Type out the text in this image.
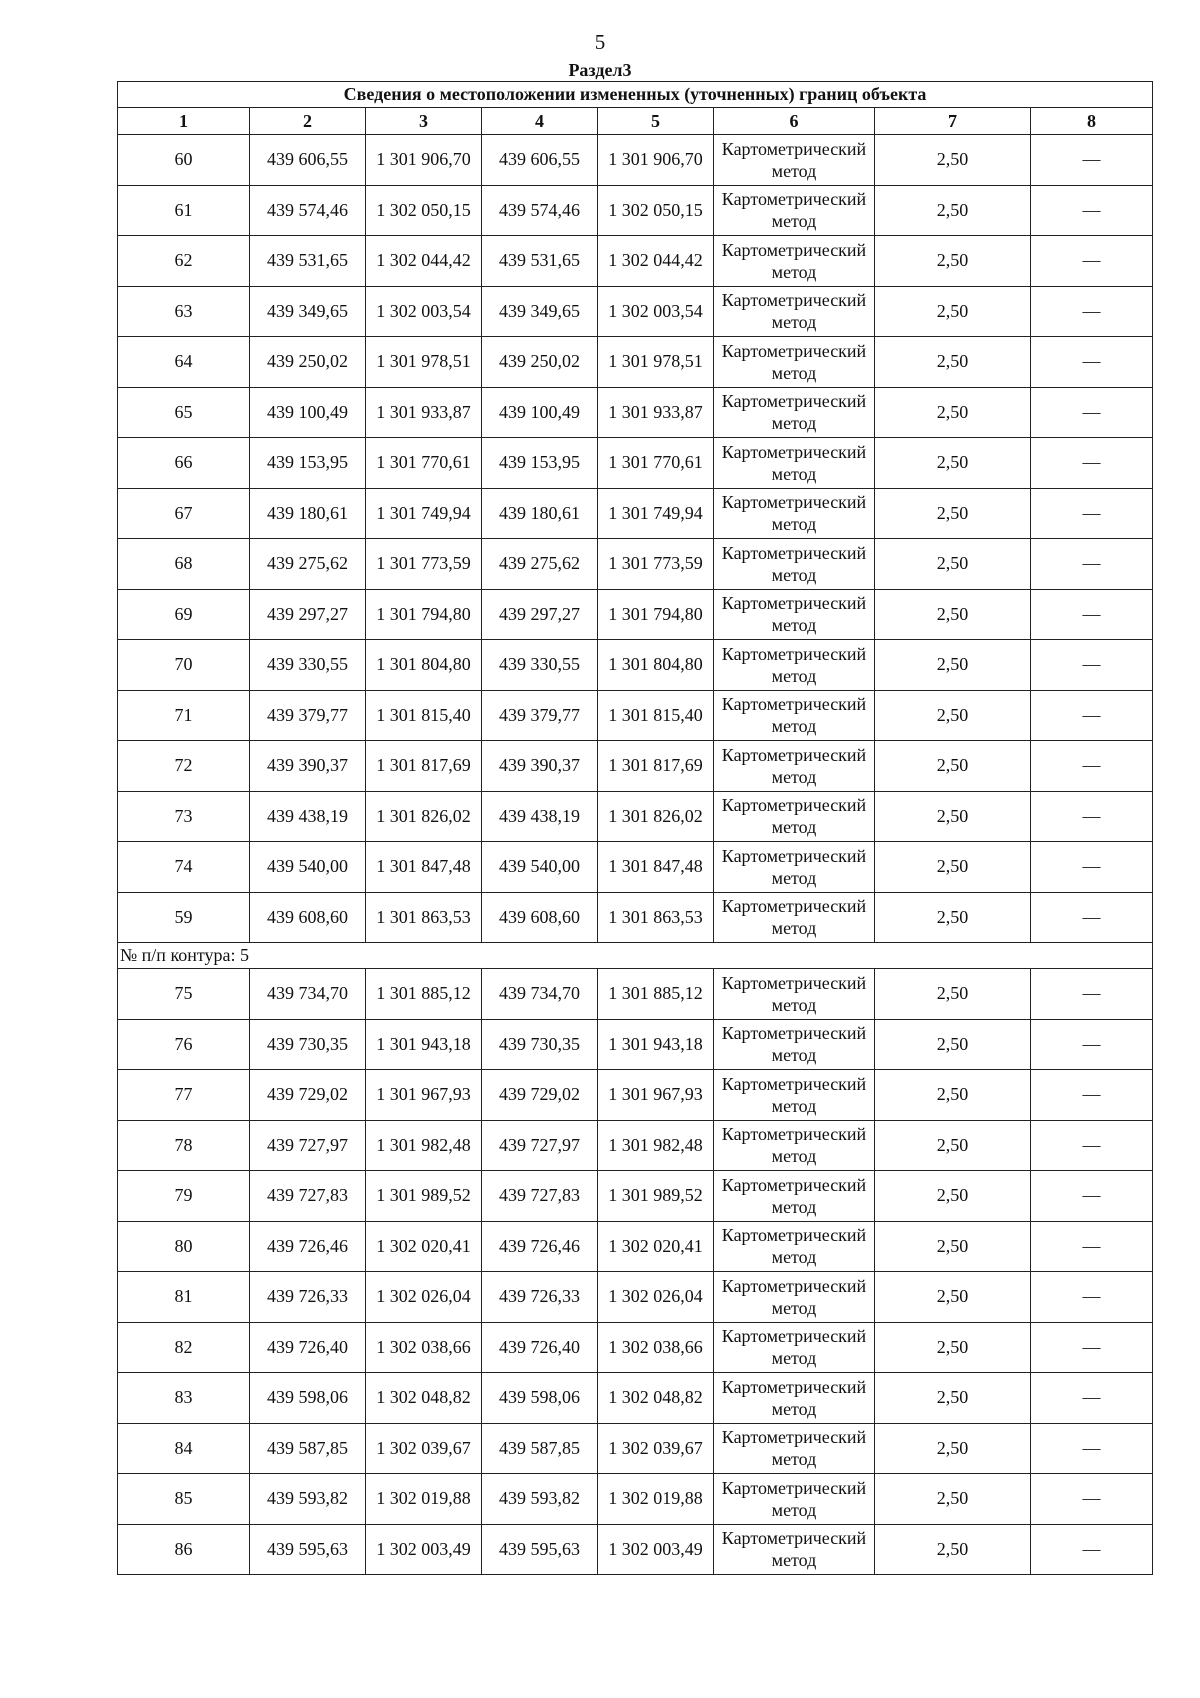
5
Раздел3
Сведения о местоположении измененных (уточненных) границ объекта							
1	2	3	4	5	6	7	8
60	439 606,55	1 301 906,70	439 606,55	1 301 906,70	Картометрический метод	2,50	—
61	439 574,46	1 302 050,15	439 574,46	1 302 050,15	Картометрический метод	2,50	—
62	439 531,65	1 302 044,42	439 531,65	1 302 044,42	Картометрический метод	2,50	—
63	439 349,65	1 302 003,54	439 349,65	1 302 003,54	Картометрический метод	2,50	—
64	439 250,02	1 301 978,51	439 250,02	1 301 978,51	Картометрический метод	2,50	—
65	439 100,49	1 301 933,87	439 100,49	1 301 933,87	Картометрический метод	2,50	—
66	439 153,95	1 301 770,61	439 153,95	1 301 770,61	Картометрический метод	2,50	—
67	439 180,61	1 301 749,94	439 180,61	1 301 749,94	Картометрический метод	2,50	—
68	439 275,62	1 301 773,59	439 275,62	1 301 773,59	Картометрический метод	2,50	—
69	439 297,27	1 301 794,80	439 297,27	1 301 794,80	Картометрический метод	2,50	—
70	439 330,55	1 301 804,80	439 330,55	1 301 804,80	Картометрический метод	2,50	—
71	439 379,77	1 301 815,40	439 379,77	1 301 815,40	Картометрический метод	2,50	—
72	439 390,37	1 301 817,69	439 390,37	1 301 817,69	Картометрический метод	2,50	—
73	439 438,19	1 301 826,02	439 438,19	1 301 826,02	Картометрический метод	2,50	—
74	439 540,00	1 301 847,48	439 540,00	1 301 847,48	Картометрический метод	2,50	—
59	439 608,60	1 301 863,53	439 608,60	1 301 863,53	Картометрический метод	2,50	—
№ п/п контура: 5							
75	439 734,70	1 301 885,12	439 734,70	1 301 885,12	Картометрический метод	2,50	—
76	439 730,35	1 301 943,18	439 730,35	1 301 943,18	Картометрический метод	2,50	—
77	439 729,02	1 301 967,93	439 729,02	1 301 967,93	Картометрический метод	2,50	—
78	439 727,97	1 301 982,48	439 727,97	1 301 982,48	Картометрический метод	2,50	—
79	439 727,83	1 301 989,52	439 727,83	1 301 989,52	Картометрический метод	2,50	—
80	439 726,46	1 302 020,41	439 726,46	1 302 020,41	Картометрический метод	2,50	—
81	439 726,33	1 302 026,04	439 726,33	1 302 026,04	Картометрический метод	2,50	—
82	439 726,40	1 302 038,66	439 726,40	1 302 038,66	Картометрический метод	2,50	—
83	439 598,06	1 302 048,82	439 598,06	1 302 048,82	Картометрический метод	2,50	—
84	439 587,85	1 302 039,67	439 587,85	1 302 039,67	Картометрический метод	2,50	—
85	439 593,82	1 302 019,88	439 593,82	1 302 019,88	Картометрический метод	2,50	—
86	439 595,63	1 302 003,49	439 595,63	1 302 003,49	Картометрический метод	2,50	—
